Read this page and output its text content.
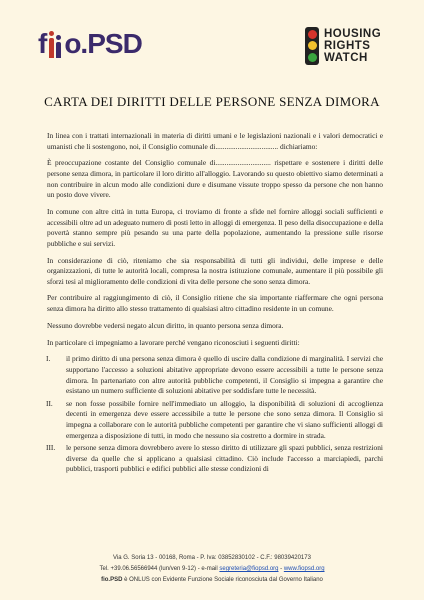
f o.PSD	HOUSING
RIGHTS
WATCH
CARTA DEI DIRITTI DELLE PERSONE SENZA DIMORA

In linea con i trattati internazionali in materia di diritti umani e le legislazioni nazionali e i valori democratici e umanisti che li sostengono, noi, il Consiglio comunale di.................................. dichiariamo:

È preoccupazione costante del Consiglio comunale di.............................. rispettare e sostenere i diritti delle persone senza dimora, in particolare il loro diritto all'alloggio. Lavorando su questo obiettivo siamo determinati a non contribuire in alcun modo alle condizioni dure e disumane vissute troppo spesso da persone che non hanno un posto dove vivere.

In comune con altre città in tutta Europa, ci troviamo di fronte a sfide nel fornire alloggi sociali sufficienti e accessibili oltre ad un adeguato numero di posti letto in alloggi di emergenza. Il peso della disoccupazione e della povertà stanno sempre più pesando su una parte della popolazione, aumentando la pressione sulle risorse pubbliche e sui servizi.

In considerazione di ciò, riteniamo che sia responsabilità di tutti gli individui, delle imprese e delle organizzazioni, di tutte le autorità locali, compresa la nostra istituzione comunale, aumentare il più possibile gli sforzi tesi al miglioramento delle condizioni di vita delle persone che sono senza dimora.

Per contribuire al raggiungimento di ciò, il Consiglio ritiene che sia importante riaffermare che ogni persona senza dimora ha diritto allo stesso trattamento di qualsiasi altro cittadino residente in un comune.

Nessuno dovrebbe vedersi negato alcun diritto, in quanto persona senza dimora.

In particolare ci impegniamo a lavorare perché vengano riconosciuti i seguenti diritti:

I.	il primo diritto di una persona senza dimora è quello di uscire dalla condizione di marginalità. I servizi che supportano l'accesso a soluzioni abitative appropriate devono essere accessibili a tutte le persone senza dimora. In partenariato con altre autorità pubbliche competenti, il Consiglio si impegna a garantire che esistano un numero sufficiente di soluzioni abitative per soddisfare tutte le necessità.
II.	se non fosse possibile fornire nell'immediato un alloggio, la disponibilità di soluzioni di accoglienza decenti in emergenza deve essere accessibile a tutte le persone che sono senza dimora. Il Consiglio si impegna a collaborare con le autorità pubbliche competenti per garantire che vi siano sufficienti alloggi di emergenza a disposizione di tutti, in modo che nessuno sia costretto a dormire in strada.
III.	le persone senza dimora dovrebbero avere lo stesso diritto di utilizzare gli spazi pubblici, senza restrizioni diverse da quelle che si applicano a qualsiasi cittadino. Ciò include l'accesso a marciapiedi, parchi pubblici, trasporti pubblici e edifici pubblici alle stesse condizioni di
Via G. Soria 13 - 00168, Roma - P. Iva: 03852830102 - C.F.: 98039420173
Tel. +39.06.56566944 (lun/ven 9-12) - e-mail segreteria@fiopsd.org - www.fiopsd.org
fio.PSD è ONLUS con Evidente Funzione Sociale riconosciuta dal Governo Italiano
